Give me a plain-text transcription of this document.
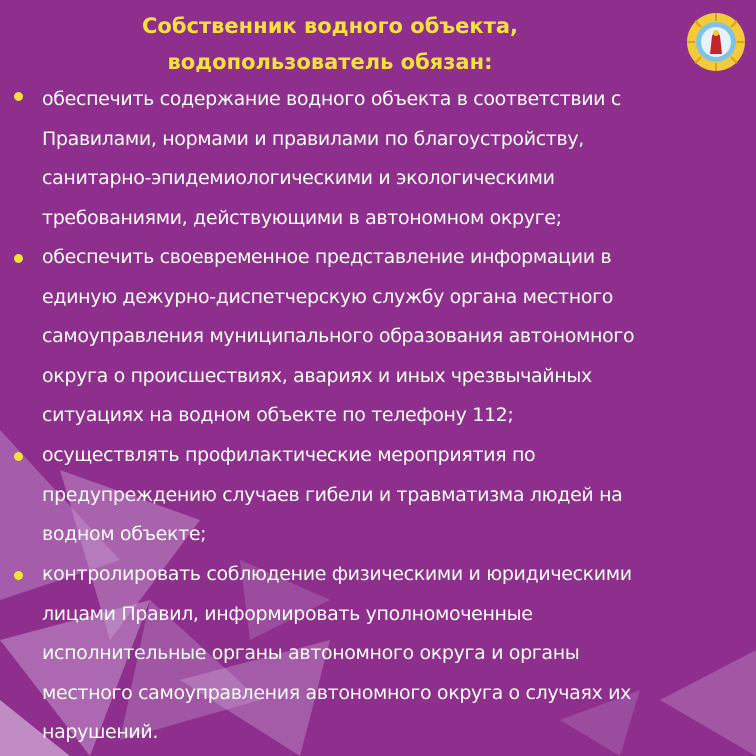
Собственник водного объекта,
водопользователь обязан:
обеспечить содержание водного объекта в соответствии с
Правилами, нормами и правилами по благоустройству,
санитарно-эпидемиологическими и экологическими
требованиями, действующими в автономном округе;
обеспечить своевременное представление информации в
единую дежурно-диспетчерскую службу органа местного
самоуправления муниципального образования автономного
округа о происшествиях, авариях и иных чрезвычайных
ситуациях на водном объекте по телефону 112;
осуществлять профилактические мероприятия по
предупреждению случаев гибели и травматизма людей на
водном объекте;
контролировать соблюдение физическими и юридическими
лицами Правил, информировать уполномоченные
исполнительные органы автономного округа и органы
местного самоуправления автономного округа о случаях их
нарушений.
